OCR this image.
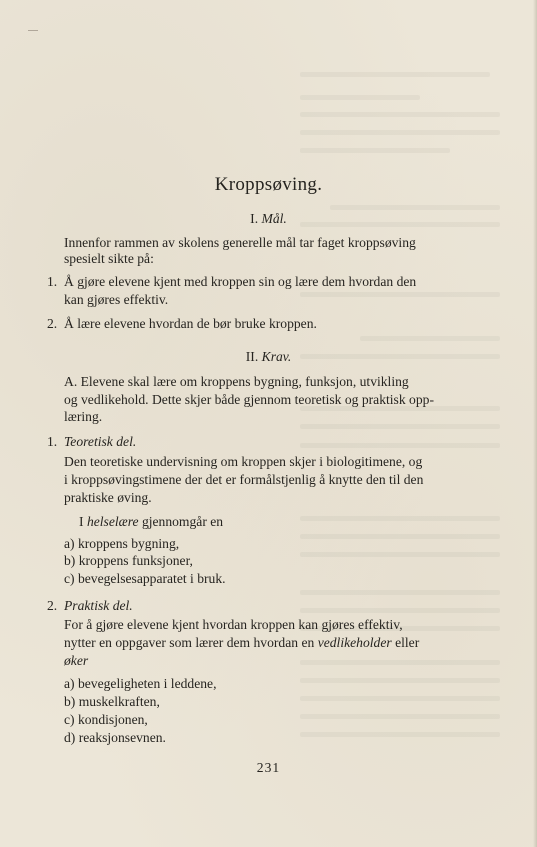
Kroppsøving.
I. Mål.
Innenfor rammen av skolens generelle mål tar faget kroppsøving
spesielt sikte på:
1. Å gjøre elevene kjent med kroppen sin og lære dem hvordan den
kan gjøres effektiv.
2. Å lære elevene hvordan de bør bruke kroppen.
II. Krav.
A. Elevene skal lære om kroppens bygning, funksjon, utvikling
og vedlikehold. Dette skjer både gjennom teoretisk og praktisk opp-
læring.
1. Teoretisk del.
Den teoretiske undervisning om kroppen skjer i biologitimene, og
i kroppsøvingstimene der det er formålstjenlig å knytte den til den
praktiske øving.
I helselære gjennomgår en
a) kroppens bygning,
b) kroppens funksjoner,
c) bevegelsesapparatet i bruk.
2. Praktisk del.
For å gjøre elevene kjent hvordan kroppen kan gjøres effektiv,
nytter en oppgaver som lærer dem hvordan en vedlikeholder eller
øker
a) bevegeligheten i leddene,
b) muskelkraften,
c) kondisjonen,
d) reaksjonsevnen.
231
